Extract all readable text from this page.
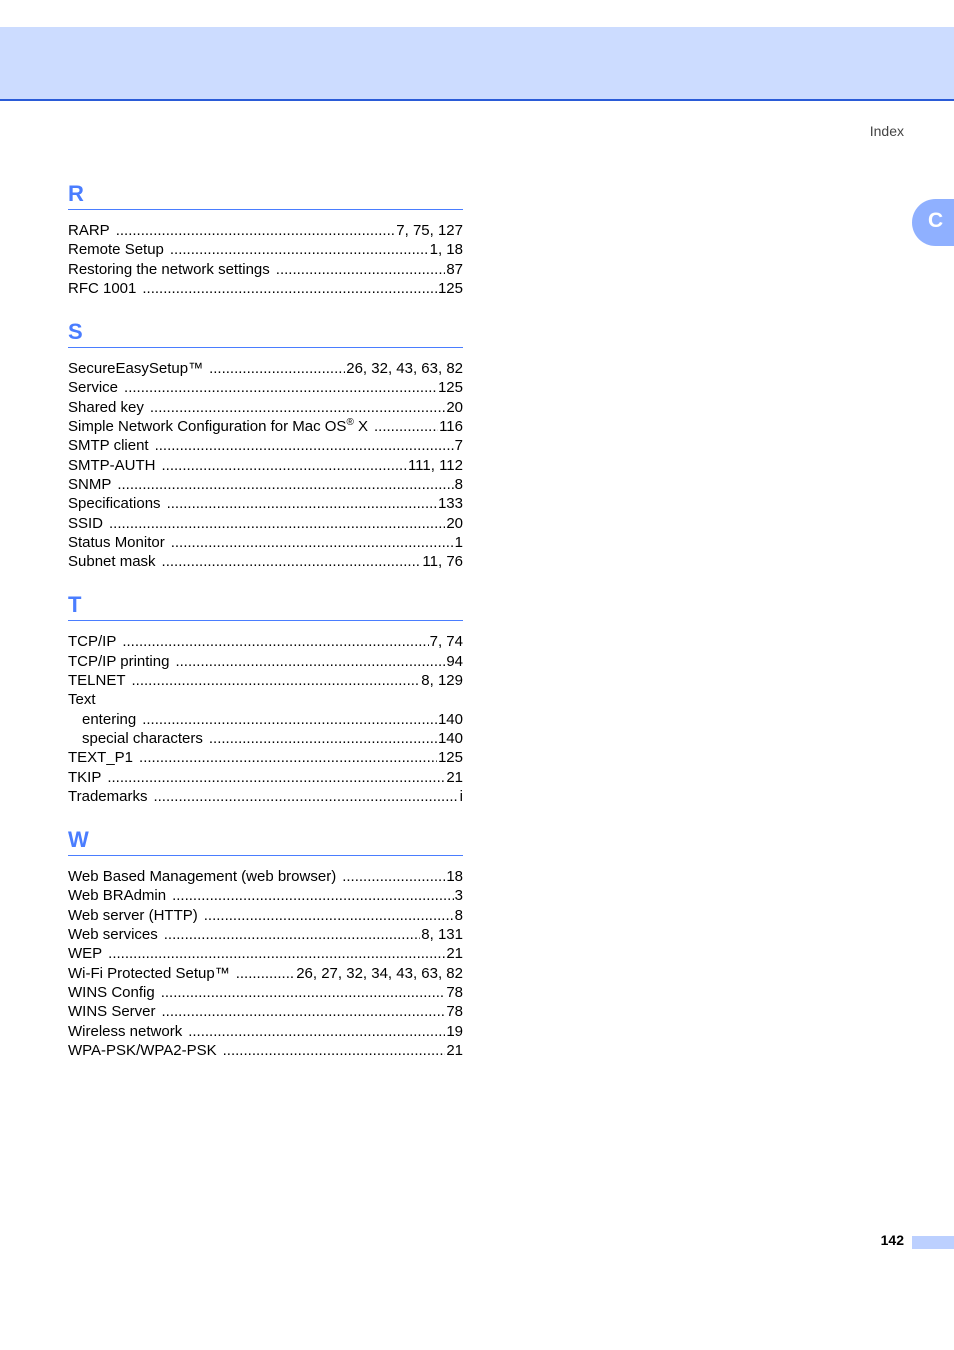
Index
C
R
RARP .....	7, 75, 127
Remote Setup .....	1, 18
Restoring the network settings .....	87
RFC 1001 .....	125
S
SecureEasySetup™ .....	26, 32, 43, 63, 82
Service .....	125
Shared key .....	20
Simple Network Configuration for Mac OS® X .....	116
SMTP client .....	7
SMTP-AUTH .....	111, 112
SNMP .....	8
Specifications .....	133
SSID .....	20
Status Monitor .....	1
Subnet mask .....	11, 76
T
TCP/IP .....	7, 74
TCP/IP printing .....	94
TELNET .....	8, 129
Text
entering .....	140
special characters .....	140
TEXT_P1 .....	125
TKIP .....	21
Trademarks .....	i
W
Web Based Management (web browser) .....	18
Web BRAdmin .....	3
Web server (HTTP) .....	8
Web services .....	8, 131
WEP .....	21
Wi-Fi Protected Setup™ .....	26, 27, 32, 34, 43, 63, 82
WINS Config .....	78
WINS Server .....	78
Wireless network .....	19
WPA-PSK/WPA2-PSK .....	21
142
